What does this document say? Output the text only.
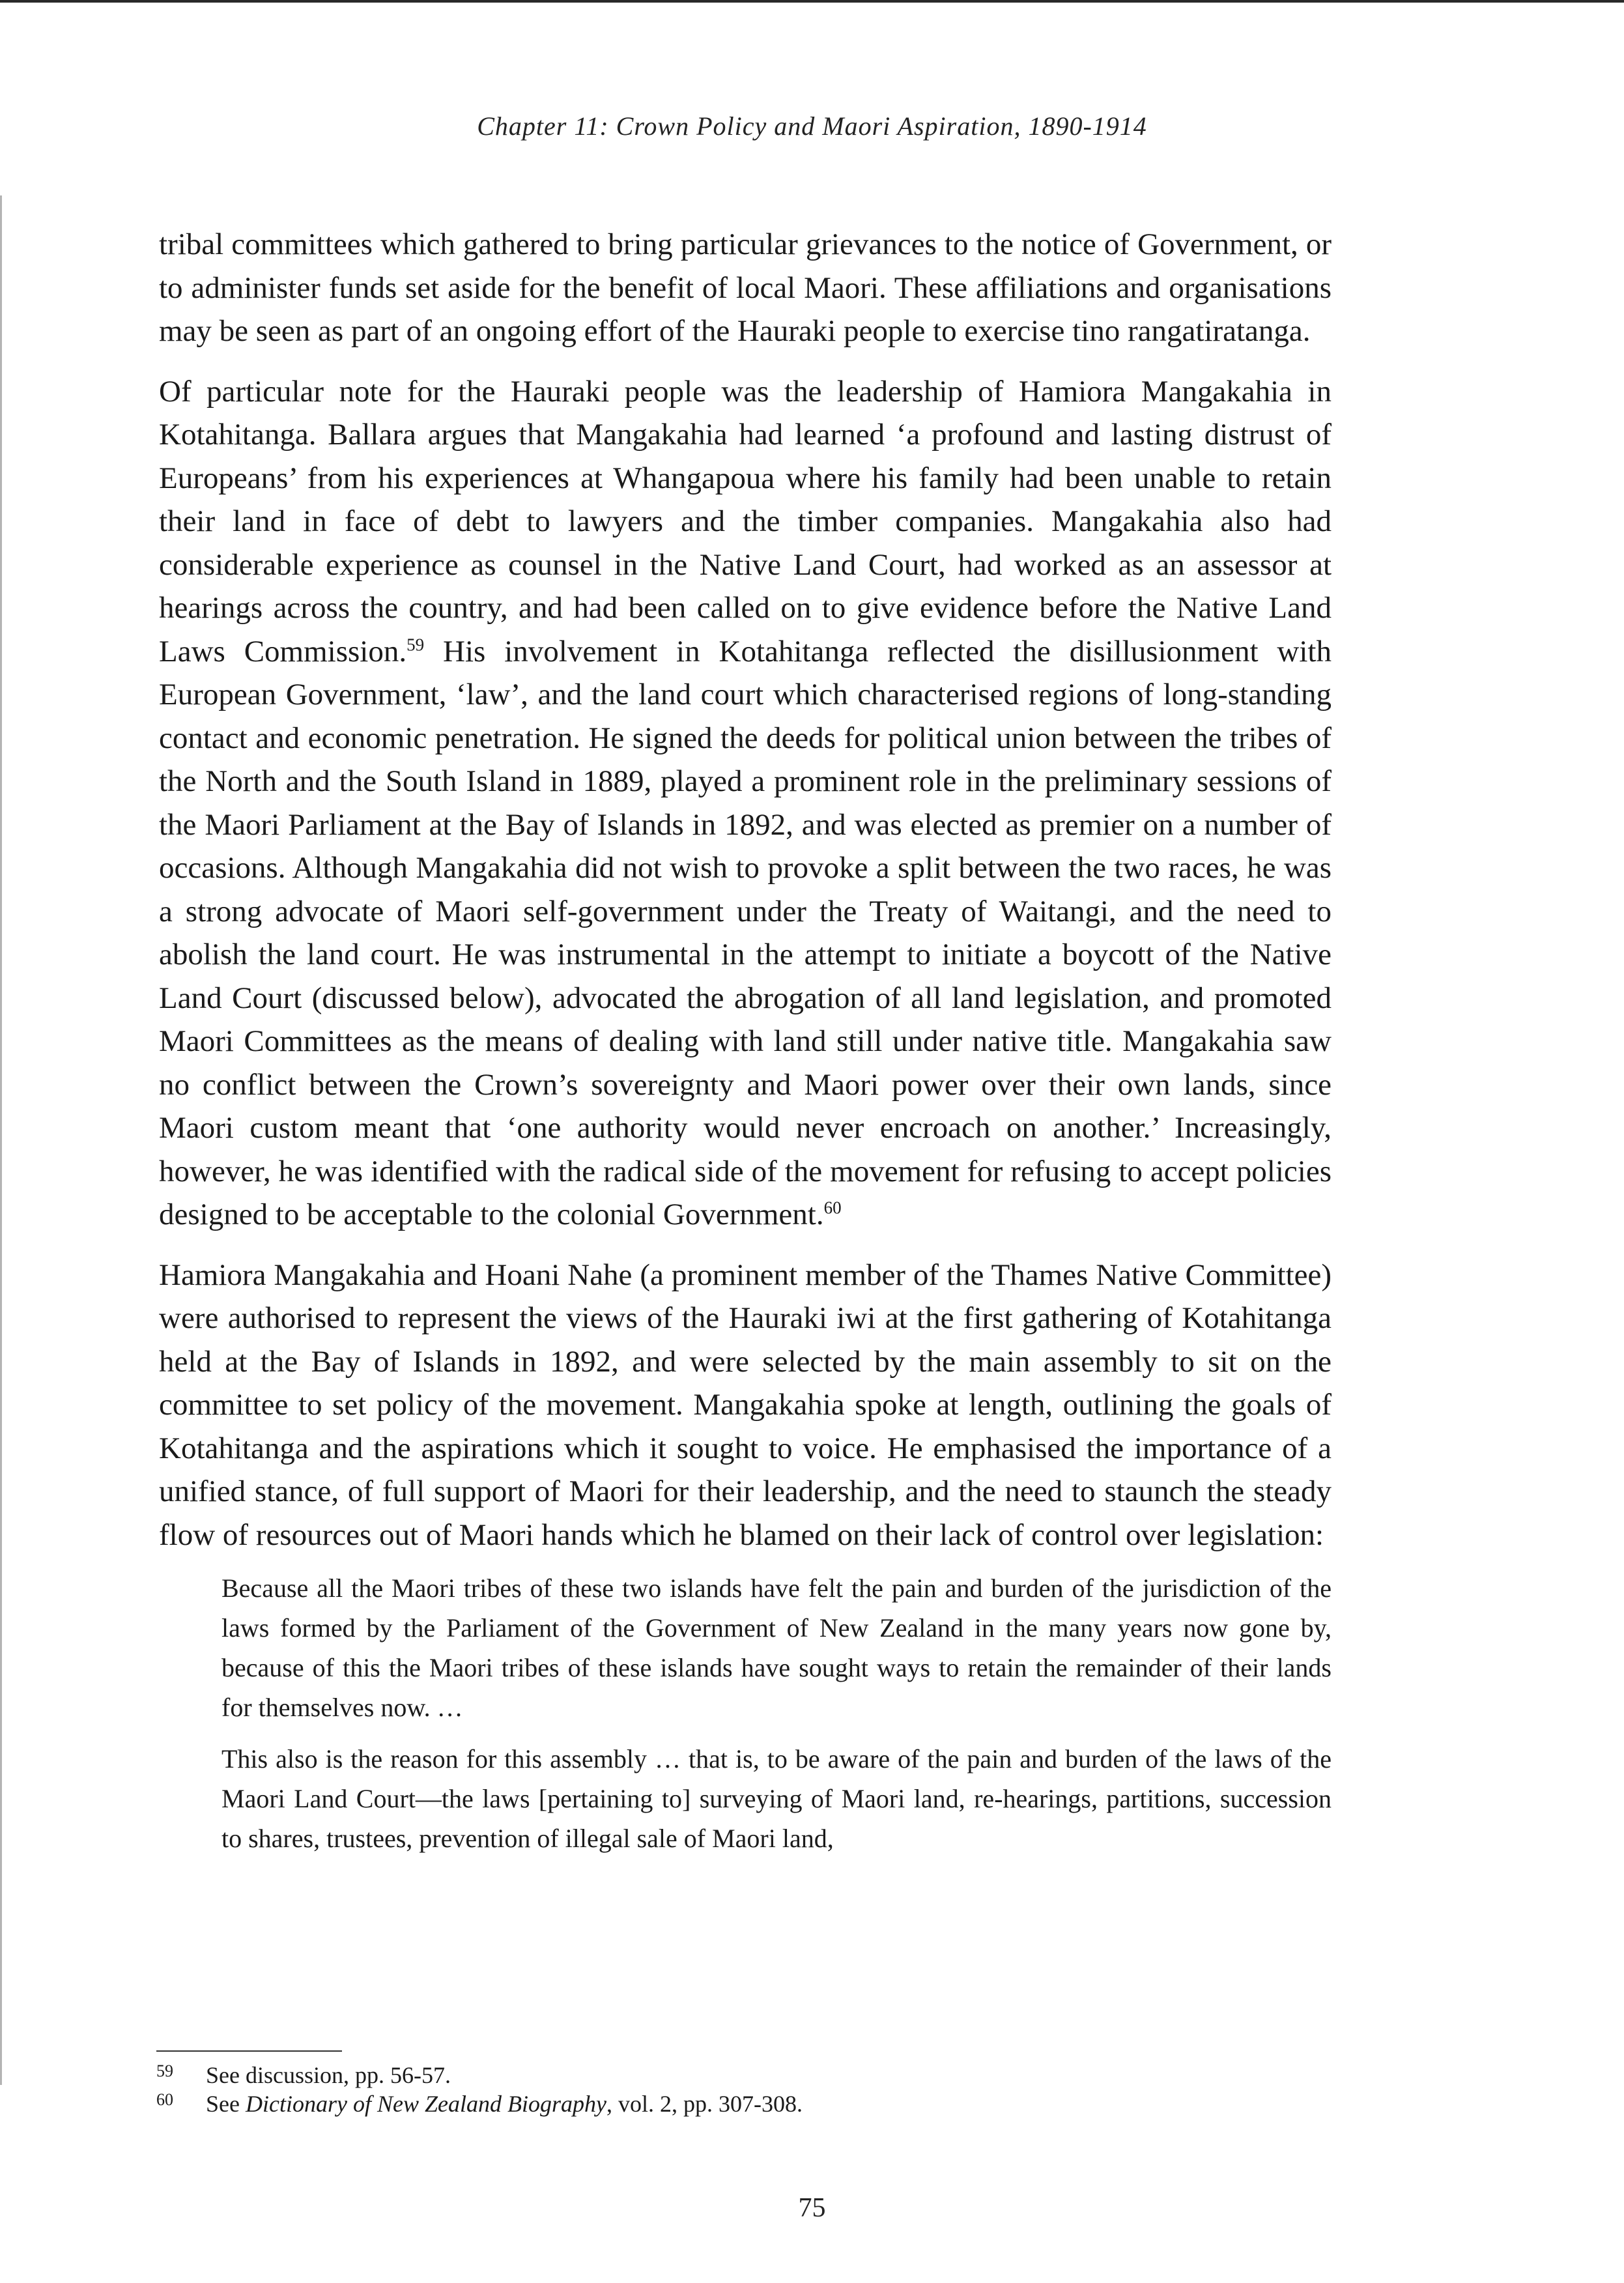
Chapter 11: Crown Policy and Maori Aspiration, 1890-1914

tribal committees which gathered to bring particular grievances to the notice of Government, or to administer funds set aside for the benefit of local Maori. These affiliations and organisations may be seen as part of an ongoing effort of the Hauraki people to exercise tino rangatiratanga.

Of particular note for the Hauraki people was the leadership of Hamiora Mangakahia in Kotahitanga. Ballara argues that Mangakahia had learned ‘a profound and lasting distrust of Europeans’ from his experiences at Whangapoua where his family had been unable to retain their land in face of debt to lawyers and the timber companies. Mangakahia also had considerable experience as counsel in the Native Land Court, had worked as an assessor at hearings across the country, and had been called on to give evidence before the Native Land Laws Commission.$^{59}$ His involvement in Kotahitanga reflected the disillusionment with European Government, ‘law’, and the land court which characterised regions of long-standing contact and economic penetration. He signed the deeds for political union between the tribes of the North and the South Island in 1889, played a prominent role in the preliminary sessions of the Maori Parliament at the Bay of Islands in 1892, and was elected as premier on a number of occasions. Although Mangakahia did not wish to provoke a split between the two races, he was a strong advocate of Maori self-government under the Treaty of Waitangi, and the need to abolish the land court. He was instrumental in the attempt to initiate a boycott of the Native Land Court (discussed below), advocated the abrogation of all land legislation, and promoted Maori Committees as the means of dealing with land still under native title. Mangakahia saw no conflict between the Crown’s sovereignty and Maori power over their own lands, since Maori custom meant that ‘one authority would never encroach on another.’ Increasingly, however, he was identified with the radical side of the movement for refusing to accept policies designed to be acceptable to the colonial Government.$^{60}$

Hamiora Mangakahia and Hoani Nahe (a prominent member of the Thames Native Committee) were authorised to represent the views of the Hauraki iwi at the first gathering of Kotahitanga held at the Bay of Islands in 1892, and were selected by the main assembly to sit on the committee to set policy of the movement. Mangakahia spoke at length, outlining the goals of Kotahitanga and the aspirations which it sought to voice. He emphasised the importance of a unified stance, of full support of Maori for their leadership, and the need to staunch the steady flow of resources out of Maori hands which he blamed on their lack of control over legislation:

Because all the Maori tribes of these two islands have felt the pain and burden of the jurisdiction of the laws formed by the Parliament of the Government of New Zealand in the many years now gone by, because of this the Maori tribes of these islands have sought ways to retain the remainder of their lands for themselves now. …

This also is the reason for this assembly … that is, to be aware of the pain and burden of the laws of the Maori Land Court—the laws [pertaining to] surveying of Maori land, re-hearings, partitions, succession to shares, trustees, prevention of illegal sale of Maori land,

59	See discussion, pp. 56-57.
60	See Dictionary of New Zealand Biography, vol. 2, pp. 307-308.
75
